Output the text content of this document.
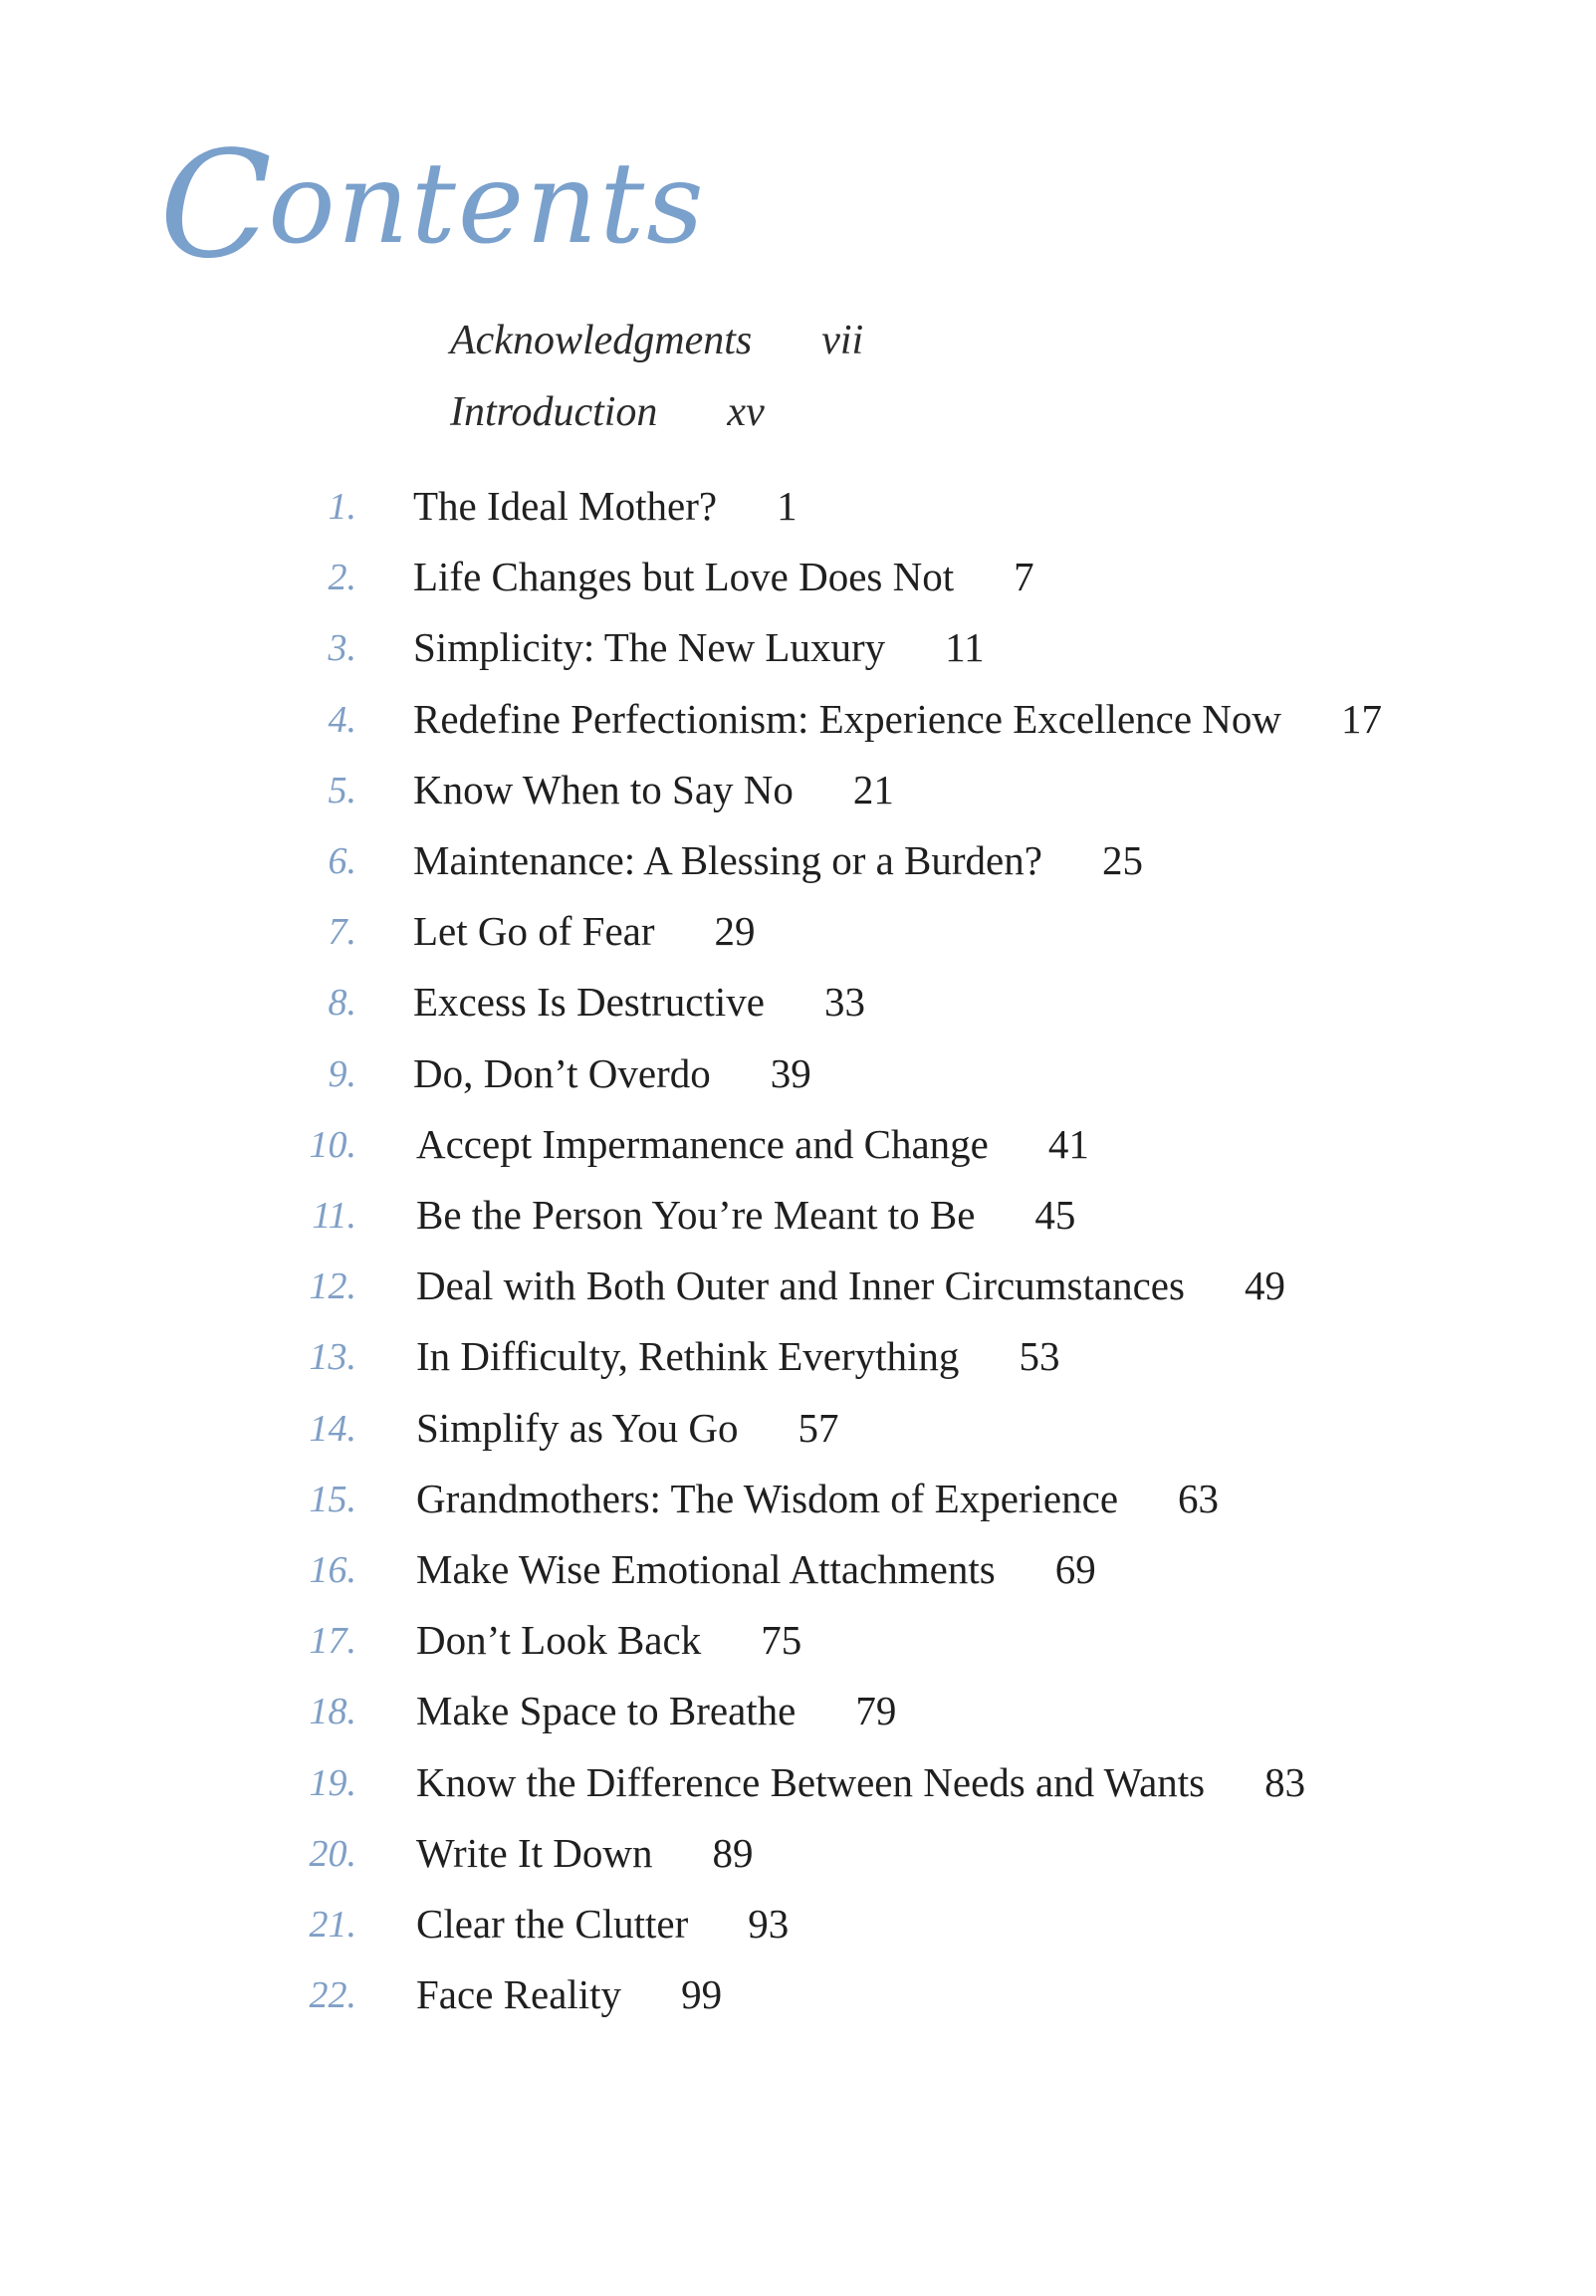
Contents
Acknowledgments vii
Introduction xv
1. The Ideal Mother? 1
2. Life Changes but Love Does Not 7
3. Simplicity: The New Luxury 11
4. Redefine Perfectionism: Experience Excellence Now 17
5. Know When to Say No 21
6. Maintenance: A Blessing or a Burden? 25
7. Let Go of Fear 29
8. Excess Is Destructive 33
9. Do, Don’t Overdo 39
10. Accept Impermanence and Change 41
11. Be the Person You’re Meant to Be 45
12. Deal with Both Outer and Inner Circumstances 49
13. In Difficulty, Rethink Everything 53
14. Simplify as You Go 57
15. Grandmothers: The Wisdom of Experience 63
16. Make Wise Emotional Attachments 69
17. Don’t Look Back 75
18. Make Space to Breathe 79
19. Know the Difference Between Needs and Wants 83
20. Write It Down 89
21. Clear the Clutter 93
22. Face Reality 99
